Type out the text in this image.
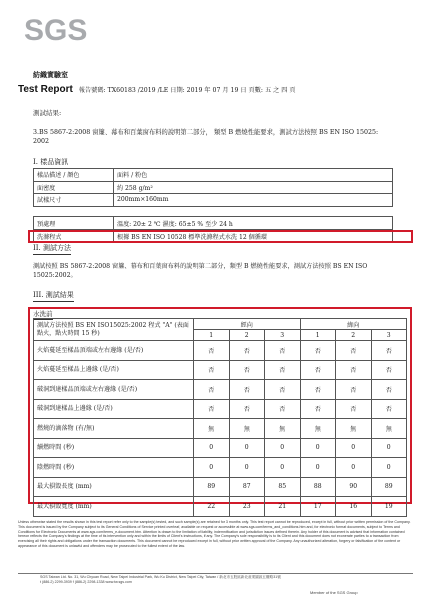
SGS
紡織實驗室
Test Report 報告號碼: TX60183 /2019 /LE 日期: 2019 年 07 月 19 日 頁數: 五 之 四 頁
測試結果:
3.BS 5867-2:2008 窗簾、幕布和百葉窗布料的說明第二部分， 類型 B 燃燒性能要求，測試方法按照 BS EN ISO 15025: 2002
I. 樣品資訊
樣品描述 / 顏色	面料 / 粉色
面密度	約 258 g/m²
試樣尺寸	200mm×160mm
預處理	溫度: 20± 2 ℃ 濕度: 65±5 % 至少 24 h
洗滌程式	根據 BS EN ISO 10528 標準洗滌程式水洗 12 個循環
II. 測試方法
測試按照 BS 5867-2:2008 窗簾、幕布和百葉窗布料的說明第二部分，類型 B 燃燒性能要求，測試方法按照 BS EN ISO 15025:2002。
III. 測試結果
水洗前
測試方法按照 BS EN ISO15025:2002 程式 "A" (表面點火，點火時間 15 秒)	經向			緯向		
	1	2	3	1	2	3
火焰蔓延至樣品頂端或左右邊緣 (是/否)	否	否	否	否	否	否
火焰蔓延至樣品上邊緣 (是/否)	否	否	否	否	否	否
破洞到達樣品頂端或左右邊緣 (是/否)	否	否	否	否	否	否
破洞到達樣品上邊緣 (是/否)	否	否	否	否	否	否
燃燒的滴落物 (有/無)	無	無	無	無	無	無
續燃時間 (秒)	0	0	0	0	0	0
陰燃時間 (秒)	0	0	0	0	0	0
最大損毀長度 (mm)	89	87	85	88	90	89
最大損毀寬度 (mm)	22	23	21	17	16	19
Unless otherwise stated the results shown in this test report refer only to the sample(s) tested, and such sample(s) are retained for 3 months only. This test report cannot be reproduced, except in full, without prior written permission of the Company. This document is issued by the Company subject to its General Conditions of Service printed overleaf, available on request or accessible at www.sgs.com/terms_and_conditions.htm and, for electronic format documents, subject to Terms and Conditions for Electronic Documents at www.sgs.com/terms_e-document.htm. Attention is drawn to the limitation of liability, indemnification and jurisdiction issues defined therein. Any holder of this document is advised that information contained hereon reflects the Company's findings at the time of its intervention only and within the limits of Client's instructions, if any. The Company's sole responsibility is to its Client and this document does not exonerate parties to a transaction from exercising all their rights and obligations under the transaction documents. This document cannot be reproduced except in full, without prior written approval of the Company. Any unauthorized alteration, forgery or falsification of the content or appearance of this document is unlawful and offenders may be prosecuted to the fullest extent of the law.
SGS Taiwan Ltd. No. 31, Wu Chyuan Road, New Taipei Industrial Park, Wu Ku District, New Taipei City, Taiwan / 新北市五股區新北產業園區五權路31號
t (886-2) 2299-3939 f (886-2) 2298-1338 www.tw.sgs.com
Member of the SGS Group
